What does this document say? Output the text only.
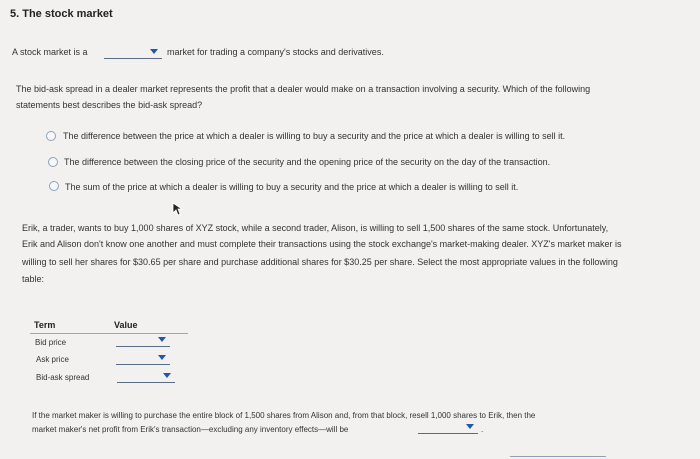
5. The stock market
A stock market is a	market for trading a company's stocks and derivatives.
The bid-ask spread in a dealer market represents the profit that a dealer would make on a transaction involving a security. Which of the following
statements best describes the bid-ask spread?
The difference between the price at which a dealer is willing to buy a security and the price at which a dealer is willing to sell it.
The difference between the closing price of the security and the opening price of the security on the day of the transaction.
The sum of the price at which a dealer is willing to buy a security and the price at which a dealer is willing to sell it.
Erik, a trader, wants to buy 1,000 shares of XYZ stock, while a second trader, Alison, is willing to sell 1,500 shares of the same stock. Unfortunately,
Erik and Alison don't know one another and must complete their transactions using the stock exchange's market-making dealer. XYZ's market maker is
willing to sell her shares for $30.65 per share and purchase additional shares for $30.25 per share. Select the most appropriate values in the following
table:
Term	Value
Bid price
Ask price
Bid-ask spread
If the market maker is willing to purchase the entire block of 1,500 shares from Alison and, from that block, resell 1,000 shares to Erik, then the
market maker's net profit from Erik's transaction—excluding any inventory effects—will be	.
